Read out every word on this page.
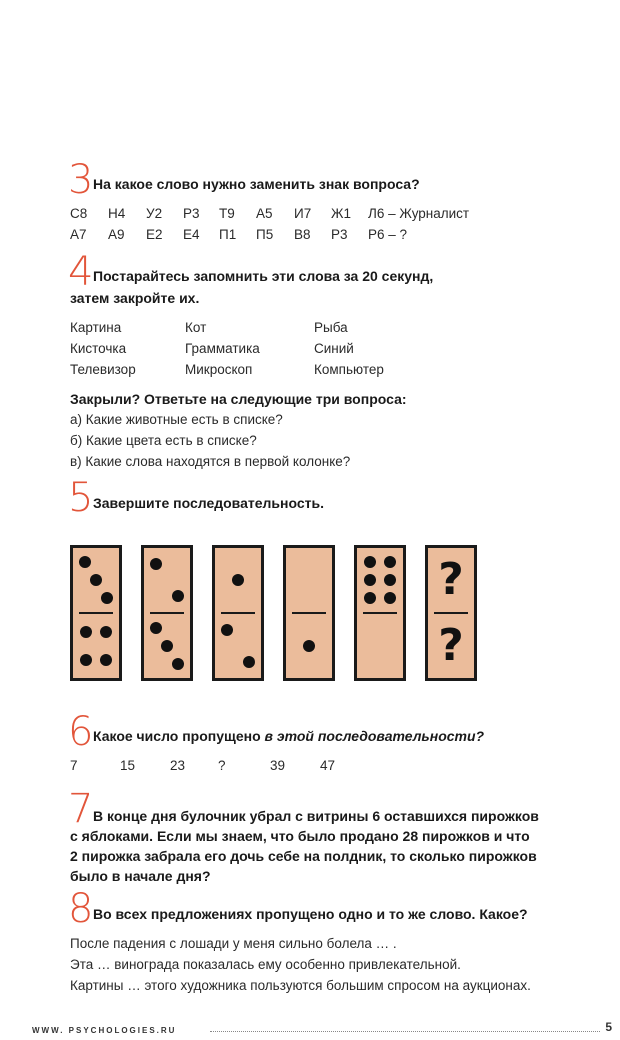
3 На какое слово нужно заменить знак вопроса?
С8 Н4 У2 Р3 Т9 А5 И7 Ж1 Л6 – Журналист
А7 А9 Е2 Е4 П1 П5 В8 Р3 Р6 – ?
4 Постарайтесь запомнить эти слова за 20 секунд,
затем закройте их.
Картина	Кот	Рыба
Кисточка	Грамматика	Синий
Телевизор	Микроскоп	Компьютер
Закрыли? Ответьте на следующие три вопроса:
а) Какие животные есть в списке?
б) Какие цвета есть в списке?
в) Какие слова находятся в первой колонке?
5 Завершите последовательность.
?
?
6 Какое число пропущено в этой последовательности?
7	15	23 ?	39	47
7 В конце дня булочник убрал с витрины 6 оставшихся пирожков
с яблоками. Если мы знаем, что было продано 28 пирожков и что
2 пирожка забрала его дочь себе на полдник, то сколько пирожков
было в начале дня?
8 Во всех предложениях пропущено одно и то же слово. Какое?
После падения с лошади у меня сильно болела … .
Эта … винограда показалась ему особенно привлекательной.
Картины … этого художника пользуются большим спросом на аукционах.
WWW. PSYCHOLOGIES.RU	5
